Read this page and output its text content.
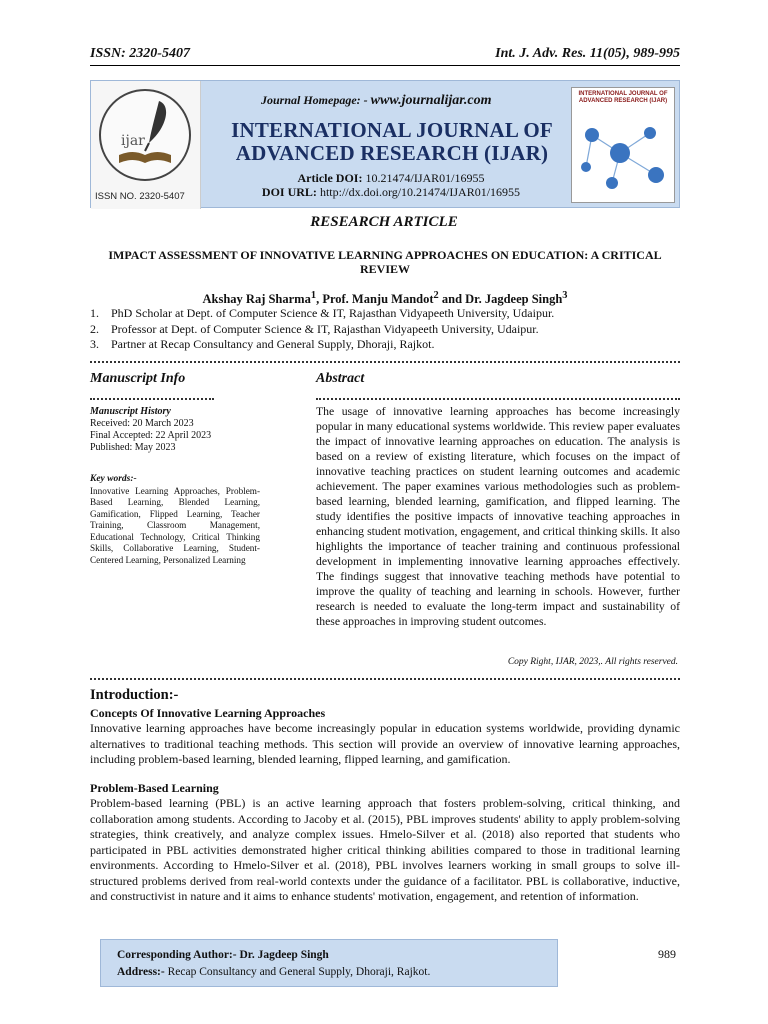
ISSN: 2320-5407	Int. J. Adv. Res. 11(05), 989-995
ijar
ISSN NO. 2320-5407
Journal Homepage: - www.journalijar.com
INTERNATIONAL JOURNAL OF
ADVANCED RESEARCH (IJAR)
Article DOI: 10.21474/IJAR01/16955
DOI URL: http://dx.doi.org/10.21474/IJAR01/16955
INTERNATIONAL JOURNAL OF ADVANCED RESEARCH (IJAR)
RESEARCH ARTICLE
IMPACT ASSESSMENT OF INNOVATIVE LEARNING APPROACHES ON EDUCATION: A CRITICAL REVIEW
Akshay Raj Sharma$^1$, Prof. Manju Mandot$^2$ and Dr. Jagdeep Singh$^3$
1.	PhD Scholar at Dept. of Computer Science & IT, Rajasthan Vidyapeeth University, Udaipur.
2.	Professor at Dept. of Computer Science & IT, Rajasthan Vidyapeeth University, Udaipur.
3.	Partner at Recap Consultancy and General Supply, Dhoraji, Rajkot.
Manuscript Info	Abstract
Manuscript History
Received: 20 March 2023
Final Accepted: 22 April 2023
Published: May 2023
Key words:-
Innovative Learning Approaches, Problem-Based Learning, Blended Learning, Gamification, Flipped Learning, Teacher Training, Classroom Management, Educational Technology, Critical Thinking Skills, Collaborative Learning, Student-Centered Learning, Personalized Learning
The usage of innovative learning approaches has become increasingly popular in many educational systems worldwide. This review paper evaluates the impact of innovative learning approaches on education. The analysis is based on a review of existing literature, which focuses on the impact of innovative teaching practices on student learning outcomes and academic achievement. The paper examines various methodologies such as problem-based learning, blended learning, gamification, and flipped learning. The study identifies the positive impacts of innovative teaching approaches in enhancing student motivation, engagement, and critical thinking skills. It also highlights the importance of teacher training and continuous professional development in implementing innovative learning approaches effectively. The findings suggest that innovative teaching methods have potential to improve the quality of teaching and learning in schools. However, further research is needed to evaluate the long-term impact and sustainability of these approaches in improving student outcomes.
Copy Right, IJAR, 2023,. All rights reserved.
Introduction:-
Concepts Of Innovative Learning Approaches
Innovative learning approaches have become increasingly popular in education systems worldwide, providing dynamic alternatives to traditional teaching methods. This section will provide an overview of innovative learning approaches, including problem-based learning, blended learning, flipped learning, and gamification.
Problem-Based Learning
Problem-based learning (PBL) is an active learning approach that fosters problem-solving, critical thinking, and collaboration among students. According to Jacoby et al. (2015), PBL improves students' ability to apply problem-solving strategies, think creatively, and analyze complex issues. Hmelo-Silver et al. (2018) also reported that students who participated in PBL activities demonstrated higher critical thinking abilities compared to those in traditional learning environments. According to Hmelo-Silver et al. (2018), PBL involves learners working in small groups to solve ill-structured problems derived from real-world contexts under the guidance of a facilitator. PBL is collaborative, inductive, and constructivist in nature and it aims to enhance students' motivation, engagement, and retention of information.
Corresponding Author:- Dr. Jagdeep Singh
Address:- Recap Consultancy and General Supply, Dhoraji, Rajkot.
989
